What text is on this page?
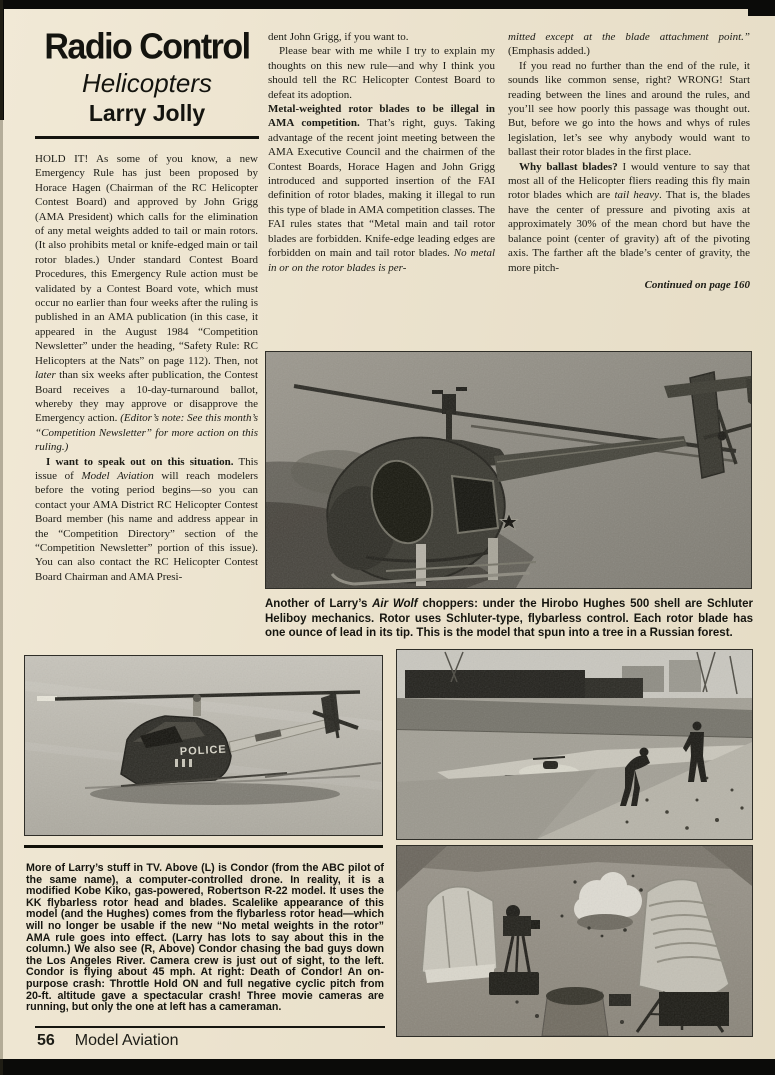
Radio Control
Helicopters
Larry Jolly

HOLD IT! As some of you know, a new Emergency Rule has just been proposed by Horace Hagen (Chairman of the RC Helicopter Contest Board) and approved by John Grigg (AMA President) which calls for the elimination of any metal weights added to tail or main rotors. (It also prohibits metal or knife-edged main or tail rotor blades.) Under standard Contest Board Procedures, this Emergency Rule action must be validated by a Contest Board vote, which must occur no earlier than four weeks after the ruling is published in an AMA publication (in this case, it appeared in the August 1984 “Competition Newsletter” under the heading, “Safety Rule: RC Helicopters at the Nats” on page 112). Then, not later than six weeks after publication, the Contest Board receives a 10-day-turnaround ballot, whereby they may approve or disapprove the Emergency action. (Editor’s note: See this month’s “Competition Newsletter” for more action on this ruling.)

I want to speak out on this situation. This issue of Model Aviation will reach modelers before the voting period begins—so you can contact your AMA District RC Helicopter Contest Board member (his name and address appear in the “Competition Directory” section of the “Competition Newsletter” portion of this issue). You can also contact the RC Helicopter Contest Board Chairman and AMA Presi-

dent John Grigg, if you want to.

Please bear with me while I try to explain my thoughts on this new rule—and why I think you should tell the RC Helicopter Contest Board to defeat its adoption.

Metal-weighted rotor blades to be illegal in AMA competition. That’s right, guys. Taking advantage of the recent joint meeting between the AMA Executive Council and the chairmen of the Contest Boards, Horace Hagen and John Grigg introduced and supported insertion of the FAI definition of rotor blades, making it illegal to run this type of blade in AMA competition classes. The FAI rules states that “Metal main and tail rotor blades are forbidden. Knife-edge leading edges are forbidden on main and tail rotor blades. No metal in or on the rotor blades is per-

mitted except at the blade attachment point.” (Emphasis added.)

If you read no further than the end of the rule, it sounds like common sense, right? WRONG! Start reading between the lines and around the rules, and you’ll see how poorly this passage was thought out. But, before we go into the hows and whys of rules legislation, let’s see why anybody would want to ballast their rotor blades in the first place.

Why ballast blades? I would venture to say that most all of the Helicopter fliers reading this fly main rotor blades which are tail heavy. That is, the blades have the center of pressure and pivoting axis at approximately 30% of the mean chord but have the balance point (center of gravity) aft of the pivoting axis. The farther aft the blade’s center of gravity, the more pitch-

Continued on page 160

Another of Larry’s Air Wolf choppers: under the Hirobo Hughes 500 shell are Schluter Heliboy mechanics. Rotor uses Schluter-type, flybarless control. Each rotor blade has one ounce of lead in its tip. This is the model that spun into a tree in a Russian forest.
POLICE
More of Larry’s stuff in TV. Above (L) is Condor (from the ABC pilot of the same name), a computer-controlled drone. In reality, it is a modified Kobe Kiko, gas-powered, Robertson R-22 model. It uses the KK flybarless rotor head and blades. Scalelike appearance of this model (and the Hughes) comes from the flybarless rotor head—which will no longer be usable if the new “No metal weights in the rotor” AMA rule goes into effect. (Larry has lots to say about this in the column.) We also see (R, Above) Condor chasing the bad guys down the Los Angeles River. Camera crew is just out of sight, to the left. Condor is flying about 45 mph. At right: Death of Condor! An on-purpose crash: Throttle Hold ON and full negative cyclic pitch from 20-ft. altitude gave a spectacular crash! Three movie cameras are running, but only the one at left has a cameraman.
56 Model Aviation
